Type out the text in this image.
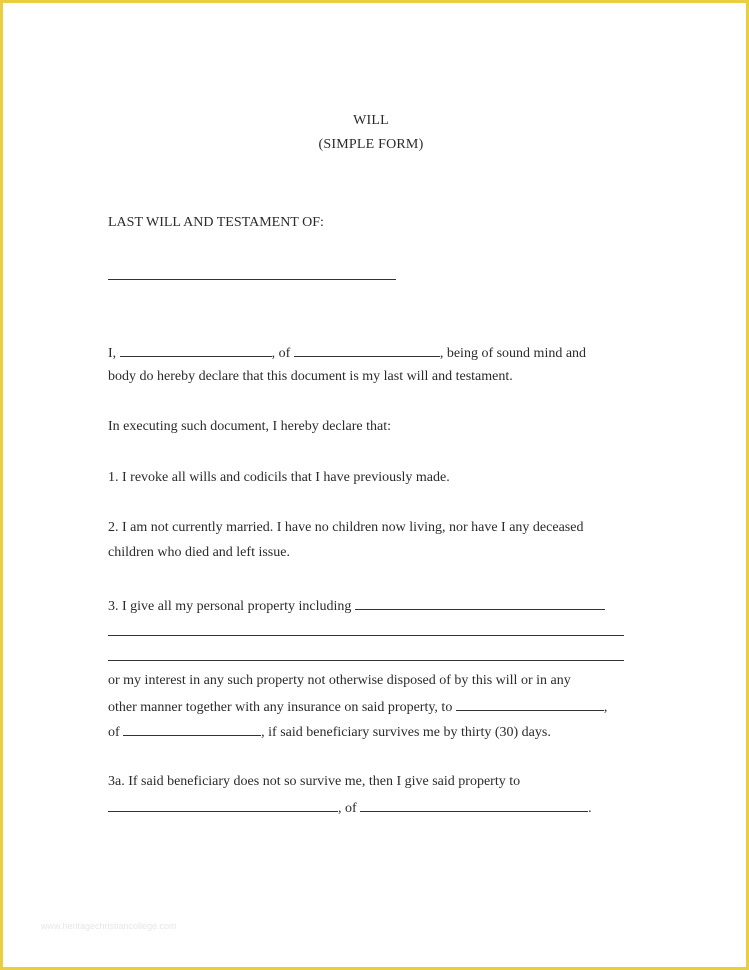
WILL
(SIMPLE FORM)
LAST WILL AND TESTAMENT OF:
I,	, of	, being of sound mind and
body do hereby declare that this document is my last will and testament.
In executing such document, I hereby declare that:
1. I revoke all wills and codicils that I have previously made.
2. I am not currently married. I have no children now living, nor have I any deceased
children who died and left issue.
3. I give all my personal property including
or my interest in any such property not otherwise disposed of by this will or in any
other manner together with any insurance on said property, to	,
of	, if said beneficiary survives me by thirty (30) days.
3a. If said beneficiary does not so survive me, then I give said property to
, of	.
www.heritagechristiancollege.com
